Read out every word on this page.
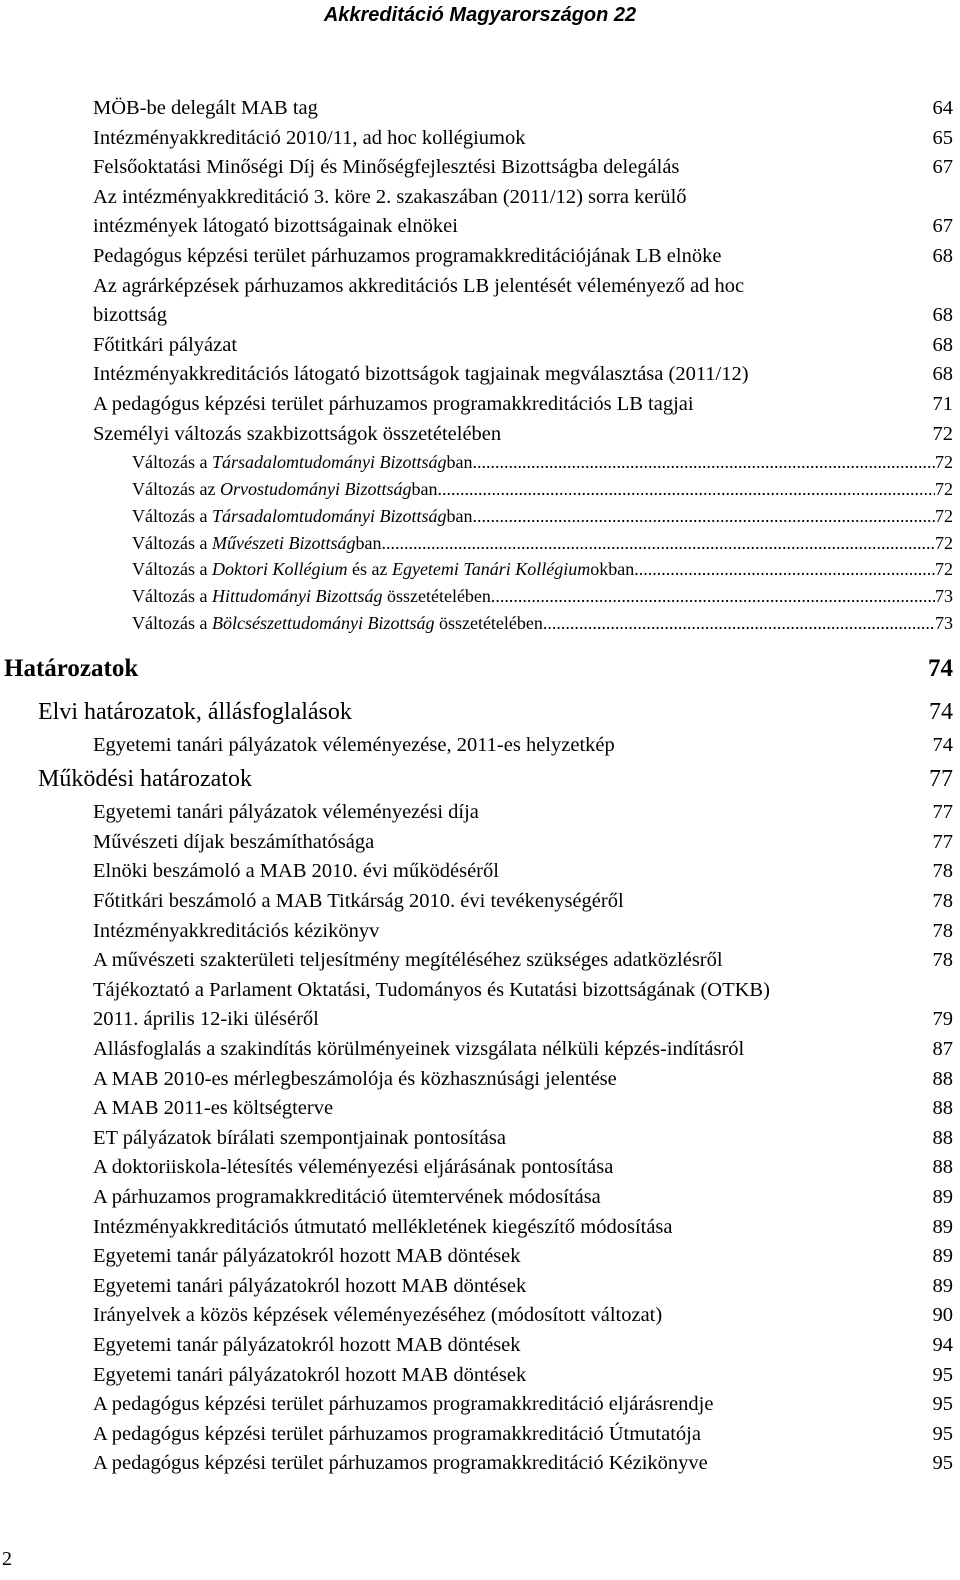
Akkreditáció Magyarországon 22
MÖB-be delegált MAB tag	64
Intézményakkreditáció 2010/11, ad hoc kollégiumok	65
Felsőoktatási Minőségi Díj és Minőségfejlesztési Bizottságba delegálás	67
Az intézményakkreditáció 3. köre 2. szakaszában (2011/12) sorra kerülő
intézmények látogató bizottságainak elnökei	67
Pedagógus képzési terület párhuzamos programakkreditációjának LB elnöke	68
Az agrárképzések párhuzamos akkreditációs LB jelentését véleményező ad hoc
bizottság	68
Főtitkári pályázat	68
Intézményakkreditációs látogató bizottságok tagjainak megválasztása (2011/12)	68
A pedagógus képzési terület párhuzamos programakkreditációs LB tagjai	71
Személyi változás szakbizottságok összetételében	72
Változás a Társadalomtudományi Bizottságban .....	72
Változás az Orvostudományi Bizottságban .....	72
Változás a Társadalomtudományi Bizottságban .....	72
Változás a Művészeti Bizottságban .....	72
Változás a Doktori Kollégium és az Egyetemi Tanári Kollégiumokban .....	72
Változás a Hittudományi Bizottság összetételében .....	73
Változás a Bölcsészettudományi Bizottság összetételében .....	73
Határozatok	74
Elvi határozatok, állásfoglalások	74
Egyetemi tanári pályázatok véleményezése, 2011-es helyzetkép	74
Működési határozatok	77
Egyetemi tanári pályázatok véleményezési díja	77
Művészeti díjak beszámíthatósága	77
Elnöki beszámoló a MAB 2010. évi működéséről	78
Főtitkári beszámoló a MAB Titkárság 2010. évi tevékenységéről	78
Intézményakkreditációs kézikönyv	78
A művészeti szakterületi teljesítmény megítéléséhez szükséges adatközlésről	78
Tájékoztató a Parlament Oktatási, Tudományos és Kutatási bizottságának (OTKB)
2011. április 12-iki üléséről	79
Allásfoglalás a szakindítás körülményeinek vizsgálata nélküli képzés-indításról	87
A MAB 2010-es mérlegbeszámolója és közhasznúsági jelentése	88
A MAB 2011-es költségterve	88
ET pályázatok bírálati szempontjainak pontosítása	88
A doktoriiskola-létesítés véleményezési eljárásának pontosítása	88
A párhuzamos programakkreditáció ütemtervének módosítása	89
Intézményakkreditációs útmutató mellékletének kiegészítő módosítása	89
Egyetemi tanár pályázatokról hozott MAB döntések	89
Egyetemi tanári pályázatokról hozott MAB döntések	89
Irányelvek a közös képzések véleményezéséhez (módosított változat)	90
Egyetemi tanár pályázatokról hozott MAB döntések	94
Egyetemi tanári pályázatokról hozott MAB döntések	95
A pedagógus képzési terület párhuzamos programakkreditáció eljárásrendje	95
A pedagógus képzési terület párhuzamos programakkreditáció Útmutatója	95
A pedagógus képzési terület párhuzamos programakkreditáció Kézikönyve	95
2
